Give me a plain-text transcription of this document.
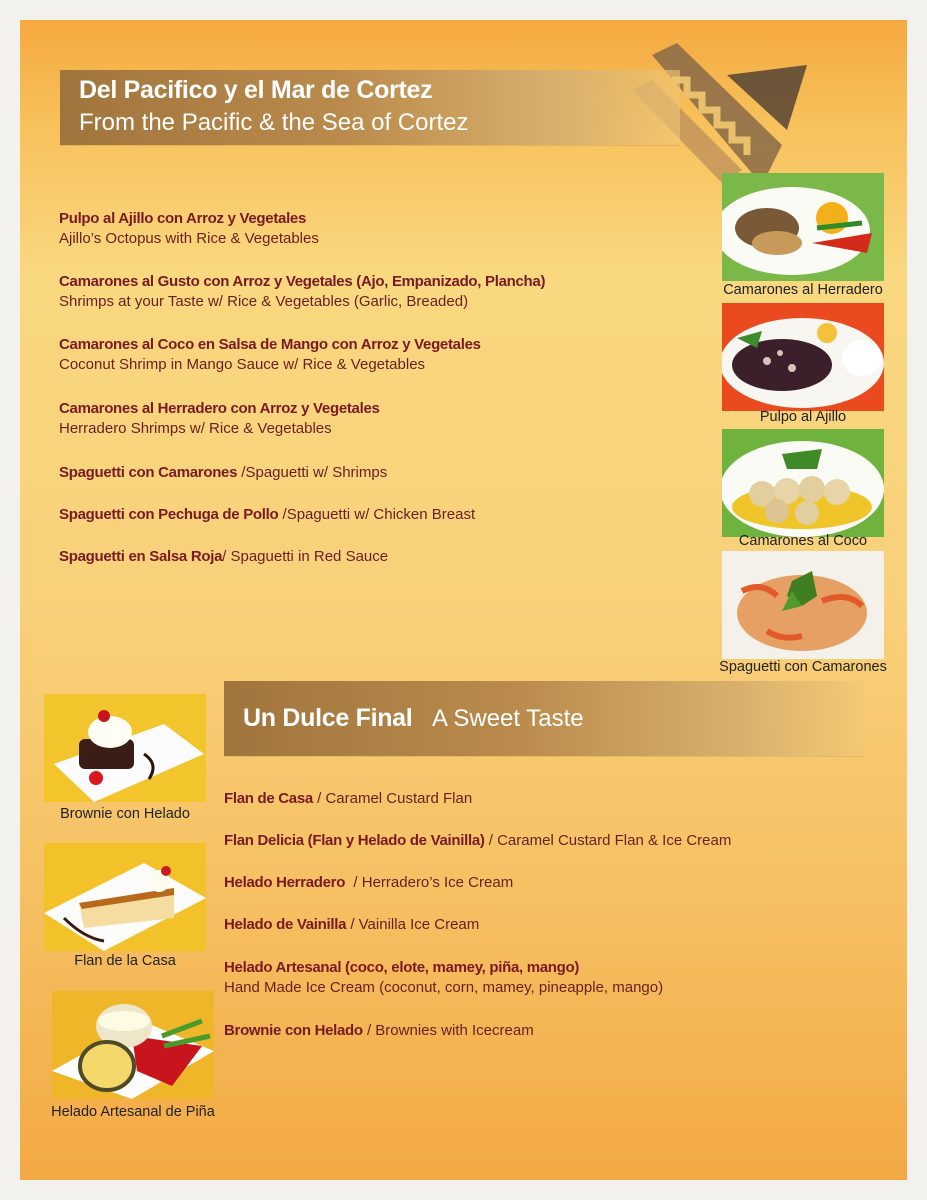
Del Pacifico y el Mar de Cortez
From the Pacific & the Sea of Cortez
Pulpo al Ajillo con Arroz y Vegetales
Ajillo’s Octopus with Rice & Vegetables
Camarones al Gusto con Arroz y Vegetales (Ajo, Empanizado, Plancha)
Shrimps at your Taste w/ Rice & Vegetables (Garlic, Breaded)
Camarones al Coco en Salsa de Mango con Arroz y Vegetales
Coconut Shrimp in Mango Sauce w/ Rice & Vegetables
Camarones al Herradero con Arroz y Vegetales
Herradero Shrimps w/ Rice & Vegetables
Spaguetti con Camarones /Spaguetti w/ Shrimps
Spaguetti con Pechuga de Pollo /Spaguetti w/ Chicken Breast
Spaguetti en Salsa Roja/ Spaguetti in Red Sauce
Camarones al Herradero
Pulpo al Ajillo
Camarones al Coco
Spaguetti con Camarones
Un Dulce Final A Sweet Taste
Brownie con Helado
Flan de la Casa
Helado Artesanal de Piña
Flan de Casa / Caramel Custard Flan
Flan Delicia (Flan y Helado de Vainilla) / Caramel Custard Flan & Ice Cream
Helado Herradero  / Herradero’s Ice Cream
Helado de Vainilla / Vainilla Ice Cream
Helado Artesanal (coco, elote, mamey, piña, mango)
Hand Made Ice Cream (coconut, corn, mamey, pineapple, mango)
Brownie con Helado / Brownies with Icecream
